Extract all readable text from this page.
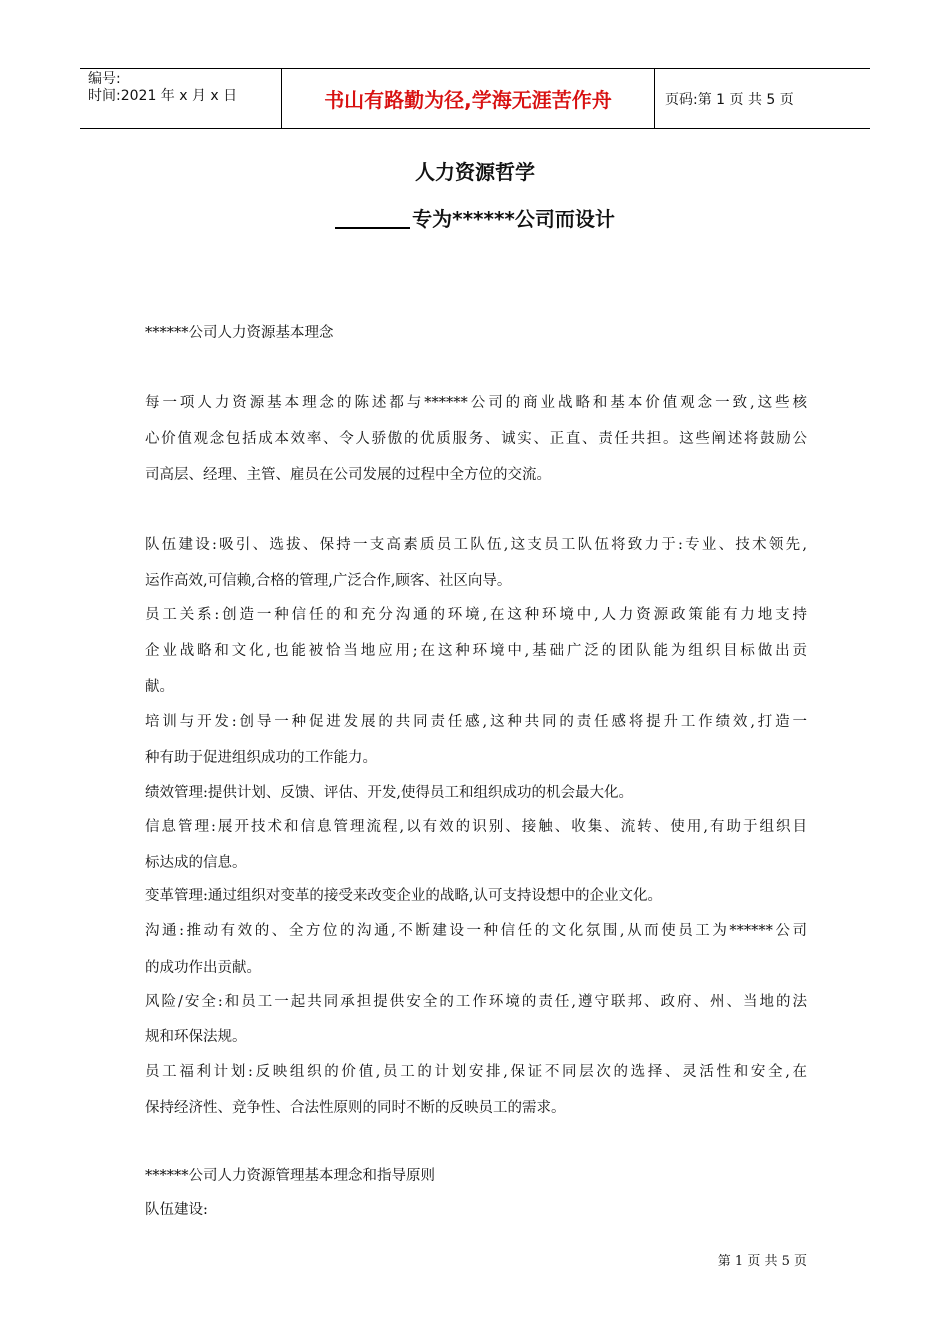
编号:
时间:2021 年 x 月 x 日	书山有路勤为径,学海无涯苦作舟	页码:第 1 页 共 5 页
人力资源哲学
专为******公司而设计
******公司人力资源基本理念
每一项人力资源基本理念的陈述都与******公司的商业战略和基本价值观念一致,这些核
心价值观念包括成本效率、令人骄傲的优质服务、诚实、正直、责任共担。这些阐述将鼓励公
司高层、经理、主管、雇员在公司发展的过程中全方位的交流。
队伍建设:吸引、选拔、保持一支高素质员工队伍,这支员工队伍将致力于:专业、技术领先,
运作高效,可信赖,合格的管理,广泛合作,顾客、社区向导。
员工关系:创造一种信任的和充分沟通的环境,在这种环境中,人力资源政策能有力地支持
企业战略和文化,也能被恰当地应用;在这种环境中,基础广泛的团队能为组织目标做出贡
献。
培训与开发:创导一种促进发展的共同责任感,这种共同的责任感将提升工作绩效,打造一
种有助于促进组织成功的工作能力。
绩效管理:提供计划、反馈、评估、开发,使得员工和组织成功的机会最大化。
信息管理:展开技术和信息管理流程,以有效的识别、接触、收集、流转、使用,有助于组织目
标达成的信息。
变革管理:通过组织对变革的接受来改变企业的战略,认可支持设想中的企业文化。
沟通:推动有效的、全方位的沟通,不断建设一种信任的文化氛围,从而使员工为******公司
的成功作出贡献。
风险/安全:和员工一起共同承担提供安全的工作环境的责任,遵守联邦、政府、州、当地的法
规和环保法规。
员工福利计划:反映组织的价值,员工的计划安排,保证不同层次的选择、灵活性和安全,在
保持经济性、竞争性、合法性原则的同时不断的反映员工的需求。
******公司人力资源管理基本理念和指导原则
队伍建设:
第 1 页 共 5 页
